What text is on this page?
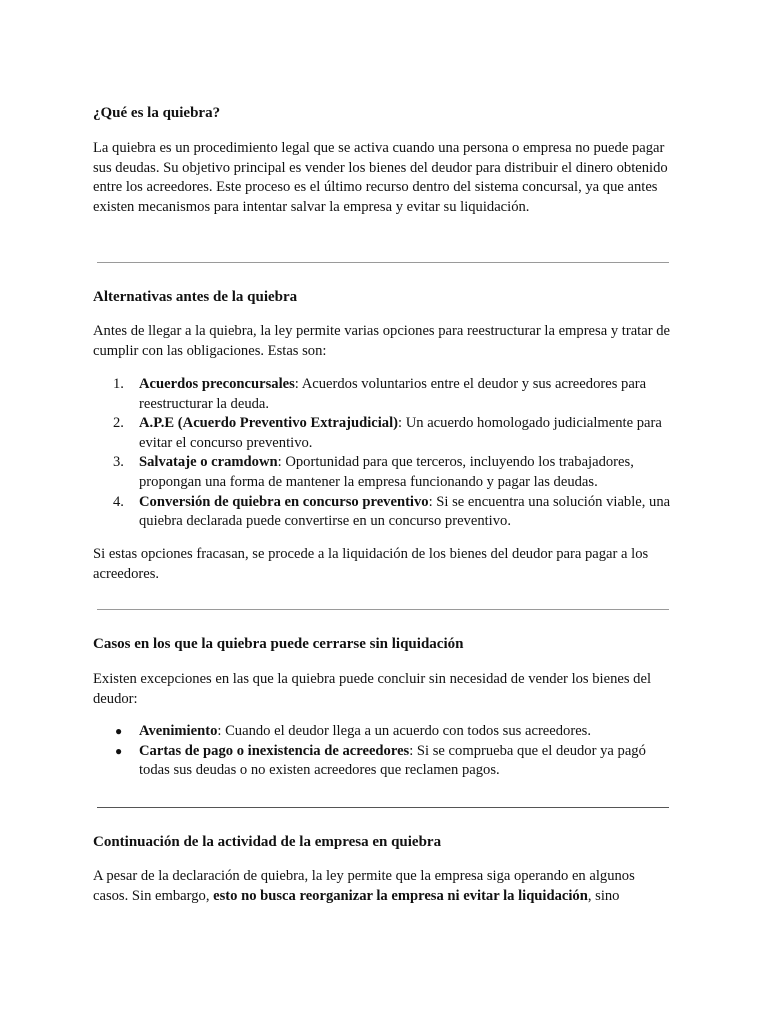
¿Qué es la quiebra?

La quiebra es un procedimiento legal que se activa cuando una persona o empresa no puede pagar sus deudas. Su objetivo principal es vender los bienes del deudor para distribuir el dinero obtenido entre los acreedores. Este proceso es el último recurso dentro del sistema concursal, ya que antes existen mecanismos para intentar salvar la empresa y evitar su liquidación.

Alternativas antes de la quiebra

Antes de llegar a la quiebra, la ley permite varias opciones para reestructurar la empresa y tratar de cumplir con las obligaciones. Estas son:

1. Acuerdos preconcursales: Acuerdos voluntarios entre el deudor y sus acreedores para reestructurar la deuda.
2. A.P.E (Acuerdo Preventivo Extrajudicial): Un acuerdo homologado judicialmente para evitar el concurso preventivo.
3. Salvataje o cramdown: Oportunidad para que terceros, incluyendo los trabajadores, propongan una forma de mantener la empresa funcionando y pagar las deudas.
4. Conversión de quiebra en concurso preventivo: Si se encuentra una solución viable, una quiebra declarada puede convertirse en un concurso preventivo.

Si estas opciones fracasan, se procede a la liquidación de los bienes del deudor para pagar a los acreedores.

Casos en los que la quiebra puede cerrarse sin liquidación

Existen excepciones en las que la quiebra puede concluir sin necesidad de vender los bienes del deudor:

● Avenimiento: Cuando el deudor llega a un acuerdo con todos sus acreedores.
● Cartas de pago o inexistencia de acreedores: Si se comprueba que el deudor ya pagó todas sus deudas o no existen acreedores que reclamen pagos.
Continuación de la actividad de la empresa en quiebra

A pesar de la declaración de quiebra, la ley permite que la empresa siga operando en algunos casos. Sin embargo, esto no busca reorganizar la empresa ni evitar la liquidación, sino
